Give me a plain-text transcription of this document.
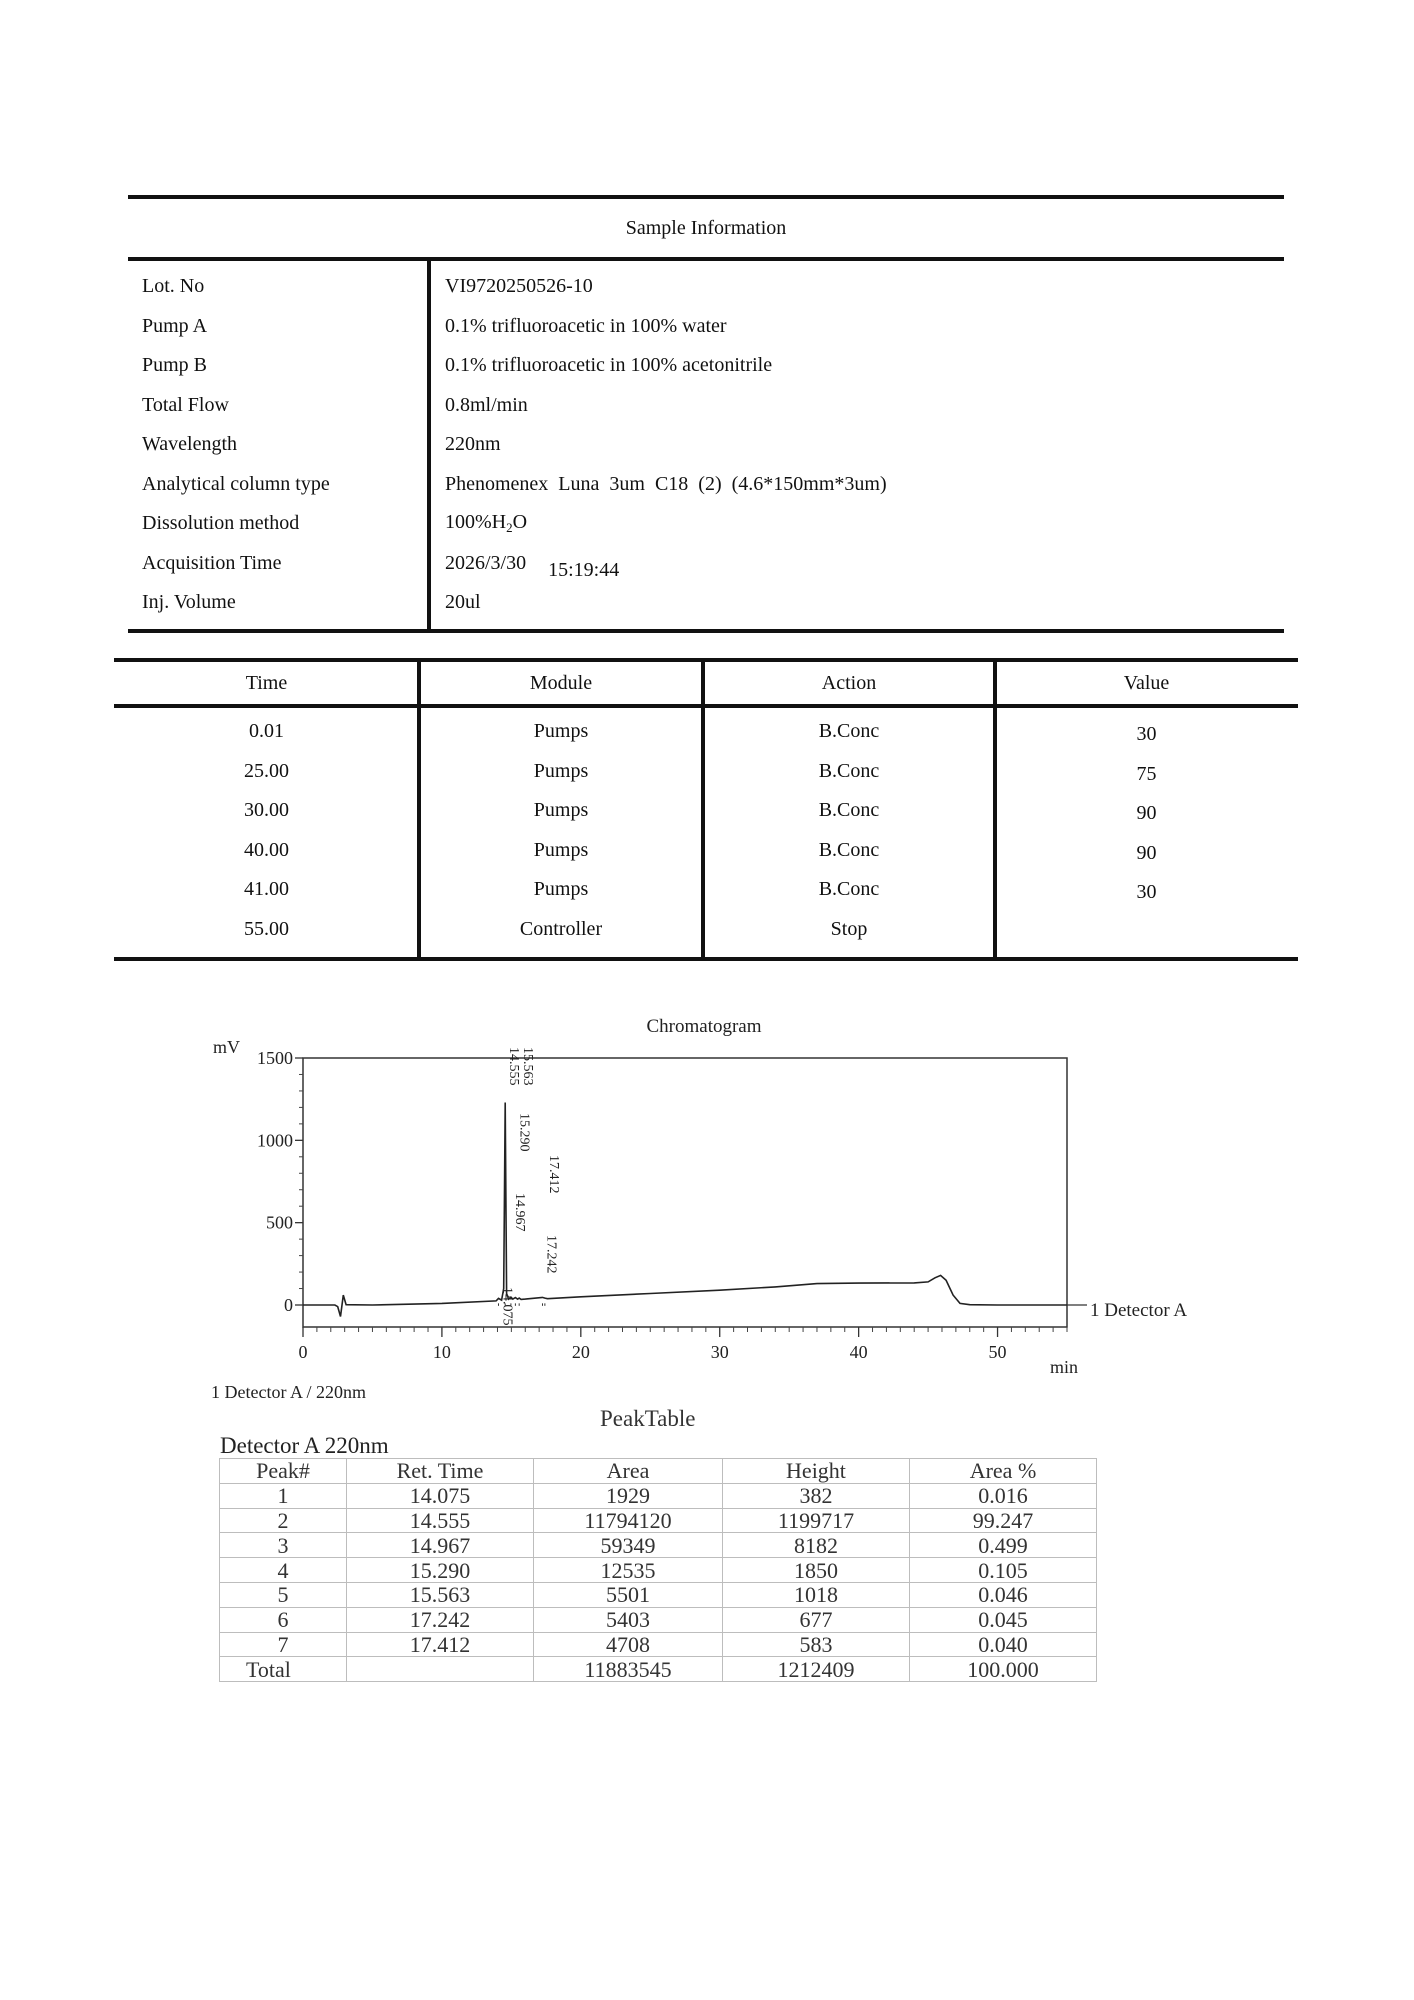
Sample Information
Lot. No	VI9720250526-10
Pump A	0.1% trifluoroacetic in 100% water
Pump B	0.1% trifluoroacetic in 100% acetonitrile
Total Flow	0.8ml/min
Wavelength	220nm
Analytical column type	Phenomenex  Luna  3um  C18  (2)  (4.6*150mm*3um)
Dissolution method	$100\%H_2O$
Acquisition Time	2026/3/30 15:19:44
Inj. Volume	20ul
Time	Module	Action	Value
0.01	Pumps	B.Conc	30
25.00	Pumps	B.Conc	75
30.00	Pumps	B.Conc	90
40.00	Pumps	B.Conc	90
41.00	Pumps	B.Conc	30
55.00	Controller	Stop
Chromatogram
mV
min
0	10	20	30	40	50
0
500
1000
1500
14.075
14.555
14.967
15.290
15.563
17.242
17.412
1 Detector A
1 Detector A / 220nm
PeakTable
Detector A 220nm
Peak#	Ret. Time	Area	Height	Area %
1	14.075	1929	382	0.016
2	14.555	11794120	1199717	99.247
3	14.967	59349	8182	0.499
4	15.290	12535	1850	0.105
5	15.563	5501	1018	0.046
6	17.242	5403	677	0.045
7	17.412	4708	583	0.040
Total		11883545	1212409	100.000
